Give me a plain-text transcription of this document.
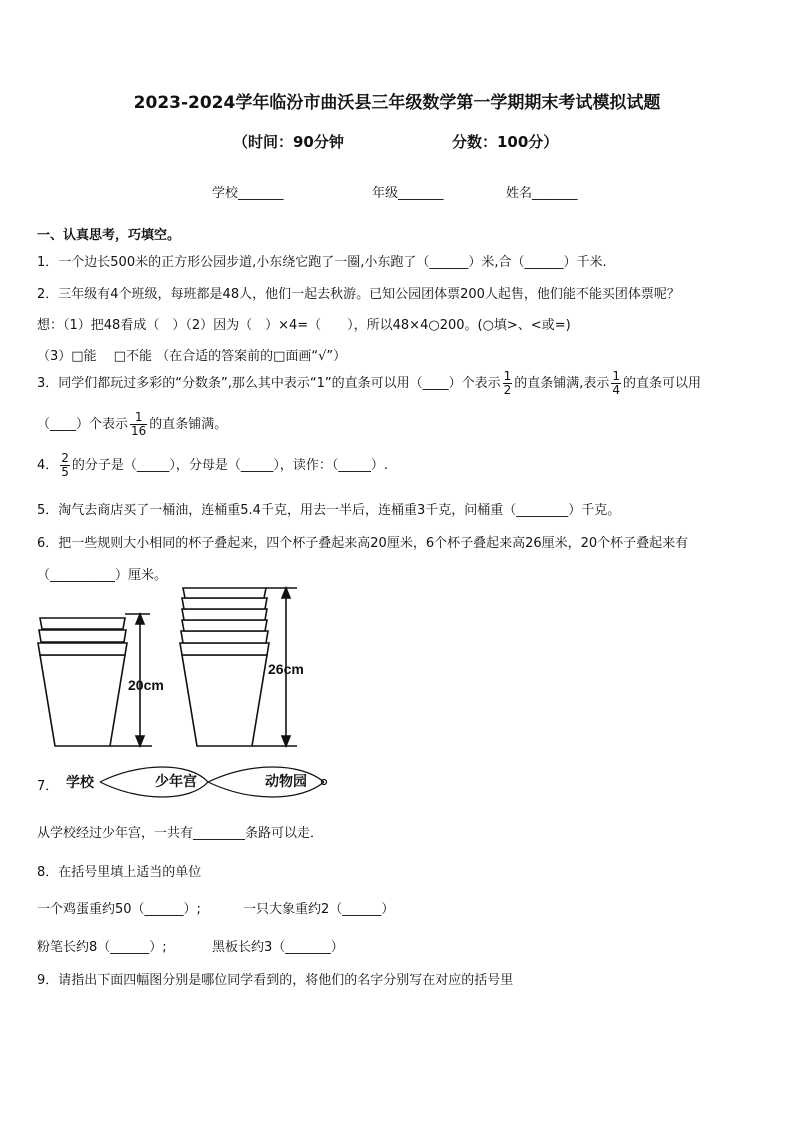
2023-2024学年临汾市曲沃县三年级数学第一学期期末考试模拟试题
（时间：90分钟	分数：100分）
学校_______	年级_______	姓名_______
一、认真思考，巧填空。
1．一个边长500米的正方形公园步道,小东绕它跑了一圈,小东跑了（______）米,合（______）千米.
2．三年级有4个班级，每班都是48人，他们一起去秋游。已知公园团体票200人起售，他们能不能买团体票呢？
想：（1）把48看成（　）（2）因为（　）×4=（　　），所以48×4○200。(○填>、<或=)
（3）□能　 □不能 （在合适的答案前的□面画“√”）
3．同学们都玩过多彩的“分数条”,那么其中表示“1”的直条可以用（____）个表示 $\frac{1}{2}$ 的直条铺满,表示 $\frac{1}{4}$ 的直条可以用
（____）个表示 $\frac{1}{16}$ 的直条铺满。
4． $\frac{2}{5}$ 的分子是（_____），分母是（_____），读作：（_____）.
5．淘气去商店买了一桶油，连桶重5.4千克，用去一半后，连桶重3千克，问桶重（________）千克。
6．把一些规则大小相同的杯子叠起来，四个杯子叠起来高20厘米，6个杯子叠起来高26厘米，20个杯子叠起来有
（__________）厘米。
20cm
26cm
7． 学校	少年宫	动物园
从学校经过少年宫，一共有________条路可以走．
8．在括号里填上适当的单位
一个鸡蛋重约50（______）;	一只大象重约2（______）
粉笔长约8（______）;	黑板长约3（_______）
9．请指出下面四幅图分别是哪位同学看到的，将他们的名字分别写在对应的括号里
